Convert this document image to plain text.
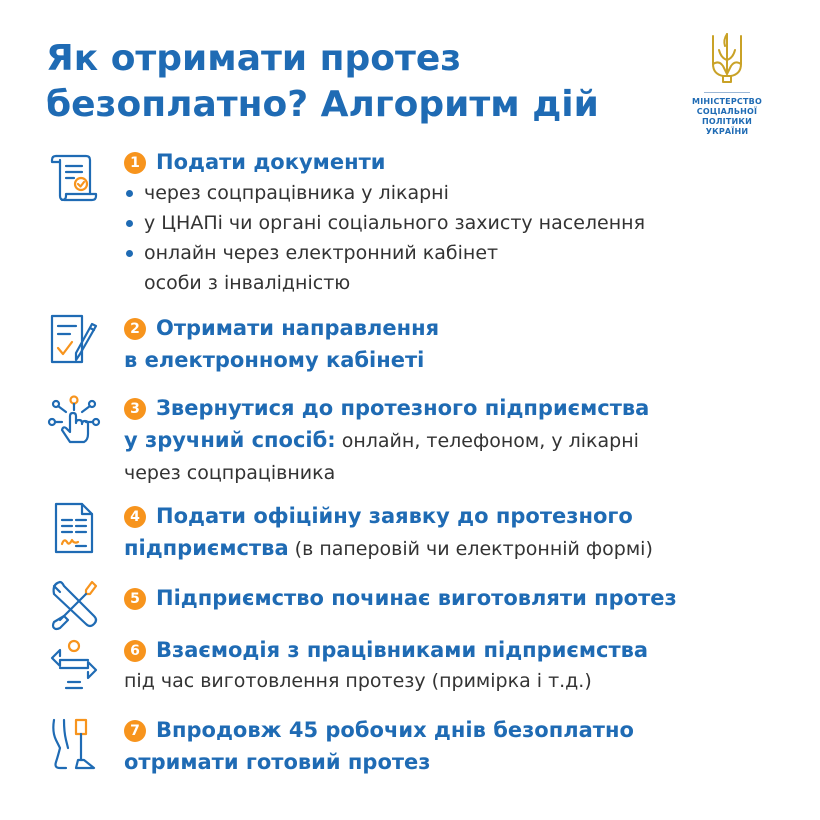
Як отримати протез
безоплатно? Алгоритм дій	МІНІСТЕРСТВО
СОЦІАЛЬНОЇ ПОЛІТИКИ
УКРАЇНИ
1 Подати документи
через соцпрацівника у лікарні
у ЦНАПі чи органі соціального захисту населення
онлайн через електронний кабінет
особи з інвалідністю
2 Отримати направлення
в електронному кабінеті
3 Звернутися до протезного підприємства
у зручний спосіб: онлайн, телефоном, у лікарні
через соцпрацівника
4 Подати офіційну заявку до протезного
підприємства (в паперовій чи електронній формі)
5 Підприємство починає виготовляти протез
6 Взаємодія з працівниками підприємства
під час виготовлення протезу (примірка і т.д.)
7 Впродовж 45 робочих днів безоплатно
отримати готовий протез
